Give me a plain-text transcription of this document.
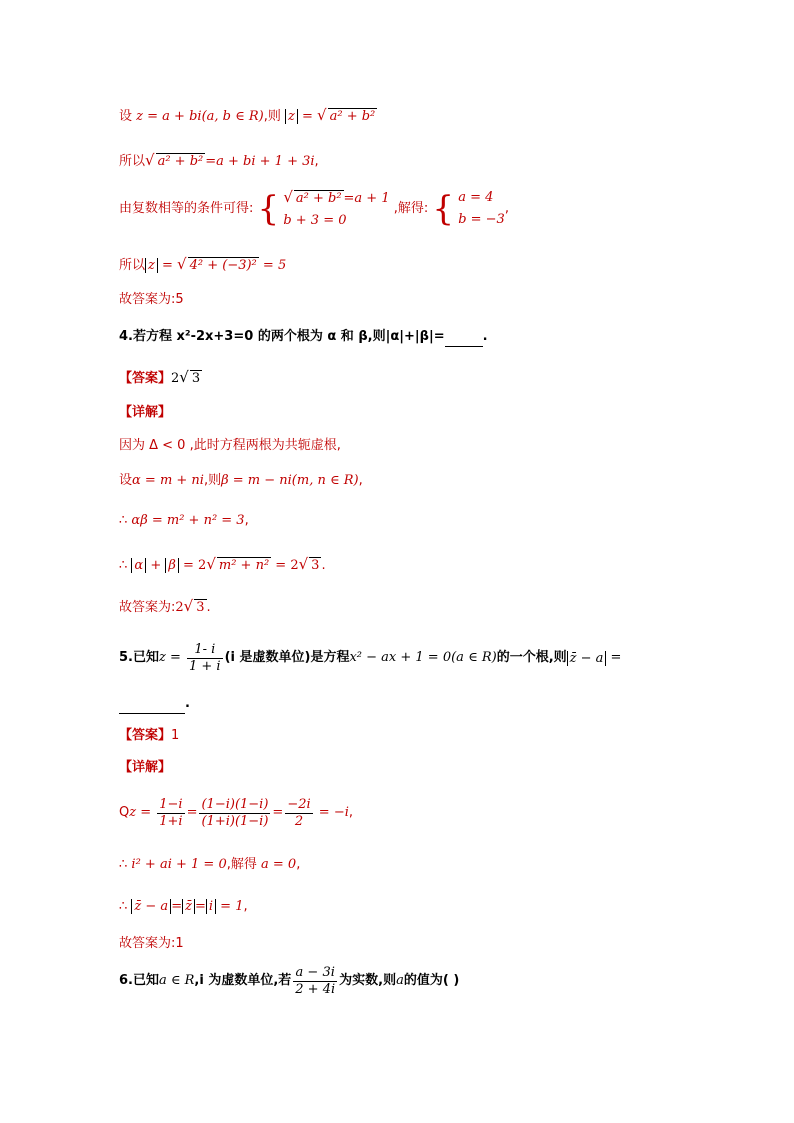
设 z = a + bi(a, b ∈ R),则 z = √ a² + b²
所以√ a² + b² =a + bi + 1 + 3i,
由复数相等的条件可得: { √ a² + b² =a + 1
b + 3 = 0
,解得: { a = 4
b = −3
,
所以 z = √ 4² + (−3)² = 5
故答案为:5
4.若方程 x²-2x+3=0 的两个根为 α 和 β,则|α|+|β|=	.
【答案】2√ 3
【详解】
因为 Δ < 0 ,此时方程两根为共轭虚根,
设α = m + ni,则β = m − ni(m, n ∈ R),
∴ αβ = m² + n² = 3,
∴ α + β = 2√ m² + n² = 2√ 3 .
故答案为:2√ 3 .
5.已知$z = \frac{1- i}{1 + i} (i$ 是虚数单位)是方程x² − ax + 1 = 0(a ∈ R)的一个根,则 z̄ − a =
.
【答案】1
【详解】
$Qz = \frac{1-i}{1+i} = \frac{(1-i)(1-i)}{(1+i)(1-i)} = \frac{-2i}{2} = -i$,
∴ i² + ai + 1 = 0,解得 a = 0,
∴ z̄ − a = z̄ = i = 1,
故答案为:1
6.已知a ∈ R,i 为虚数单位,若 $\frac{a - 3i}{2 + 4i}$ 为实数,则a的值为( )
